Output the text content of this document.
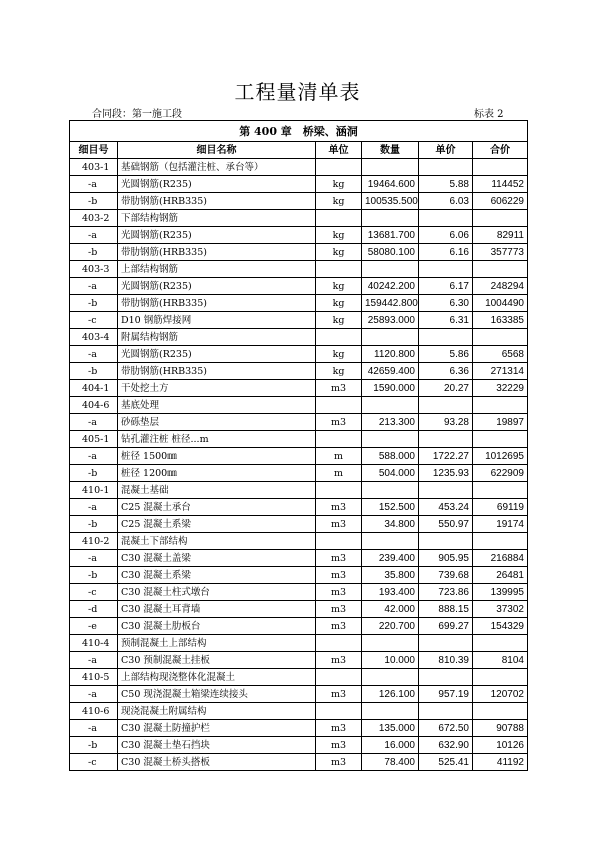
工程量清单表
合同段：第一施工段	标表 2
第 400 章　桥梁、涵洞					
细目号	细目名称	单位	数量	单价	合价
403-1	基础钢筋（包括灌注桩、承台等）				
-a	光圆钢筋(R235)	kg	19464.600	5.88	114452
-b	带肋钢筋(HRB335)	kg	100535.500	6.03	606229
403-2	下部结构钢筋				
-a	光圆钢筋(R235)	kg	13681.700	6.06	82911
-b	带肋钢筋(HRB335)	kg	58080.100	6.16	357773
403-3	上部结构钢筋				
-a	光圆钢筋(R235)	kg	40242.200	6.17	248294
-b	带肋钢筋(HRB335)	kg	159442.800	6.30	1004490
-c	D10 钢筋焊接网	kg	25893.000	6.31	163385
403-4	附属结构钢筋				
-a	光圆钢筋(R235)	kg	1120.800	5.86	6568
-b	带肋钢筋(HRB335)	kg	42659.400	6.36	271314
404-1	干处挖土方	m3	1590.000	20.27	32229
404-6	基底处理				
-a	砂砾垫层	m3	213.300	93.28	19897
405-1	钻孔灌注桩 桩径...m				
-a	桩径 1500㎜	m	588.000	1722.27	1012695
-b	桩径 1200㎜	m	504.000	1235.93	622909
410-1	混凝土基础				
-a	C25 混凝土承台	m3	152.500	453.24	69119
-b	C25 混凝土系梁	m3	34.800	550.97	19174
410-2	混凝土下部结构				
-a	C30 混凝土盖梁	m3	239.400	905.95	216884
-b	C30 混凝土系梁	m3	35.800	739.68	26481
-c	C30 混凝土柱式墩台	m3	193.400	723.86	139995
-d	C30 混凝土耳背墙	m3	42.000	888.15	37302
-e	C30 混凝土肋板台	m3	220.700	699.27	154329
410-4	预制混凝土上部结构				
-a	C30 预制混凝土挂板	m3	10.000	810.39	8104
410-5	上部结构现浇整体化混凝土				
-a	C50 现浇混凝土箱梁连续接头	m3	126.100	957.19	120702
410-6	现浇混凝土附属结构				
-a	C30 混凝土防撞护栏	m3	135.000	672.50	90788
-b	C30 混凝土垫石挡块	m3	16.000	632.90	10126
-c	C30 混凝土桥头搭板	m3	78.400	525.41	41192
